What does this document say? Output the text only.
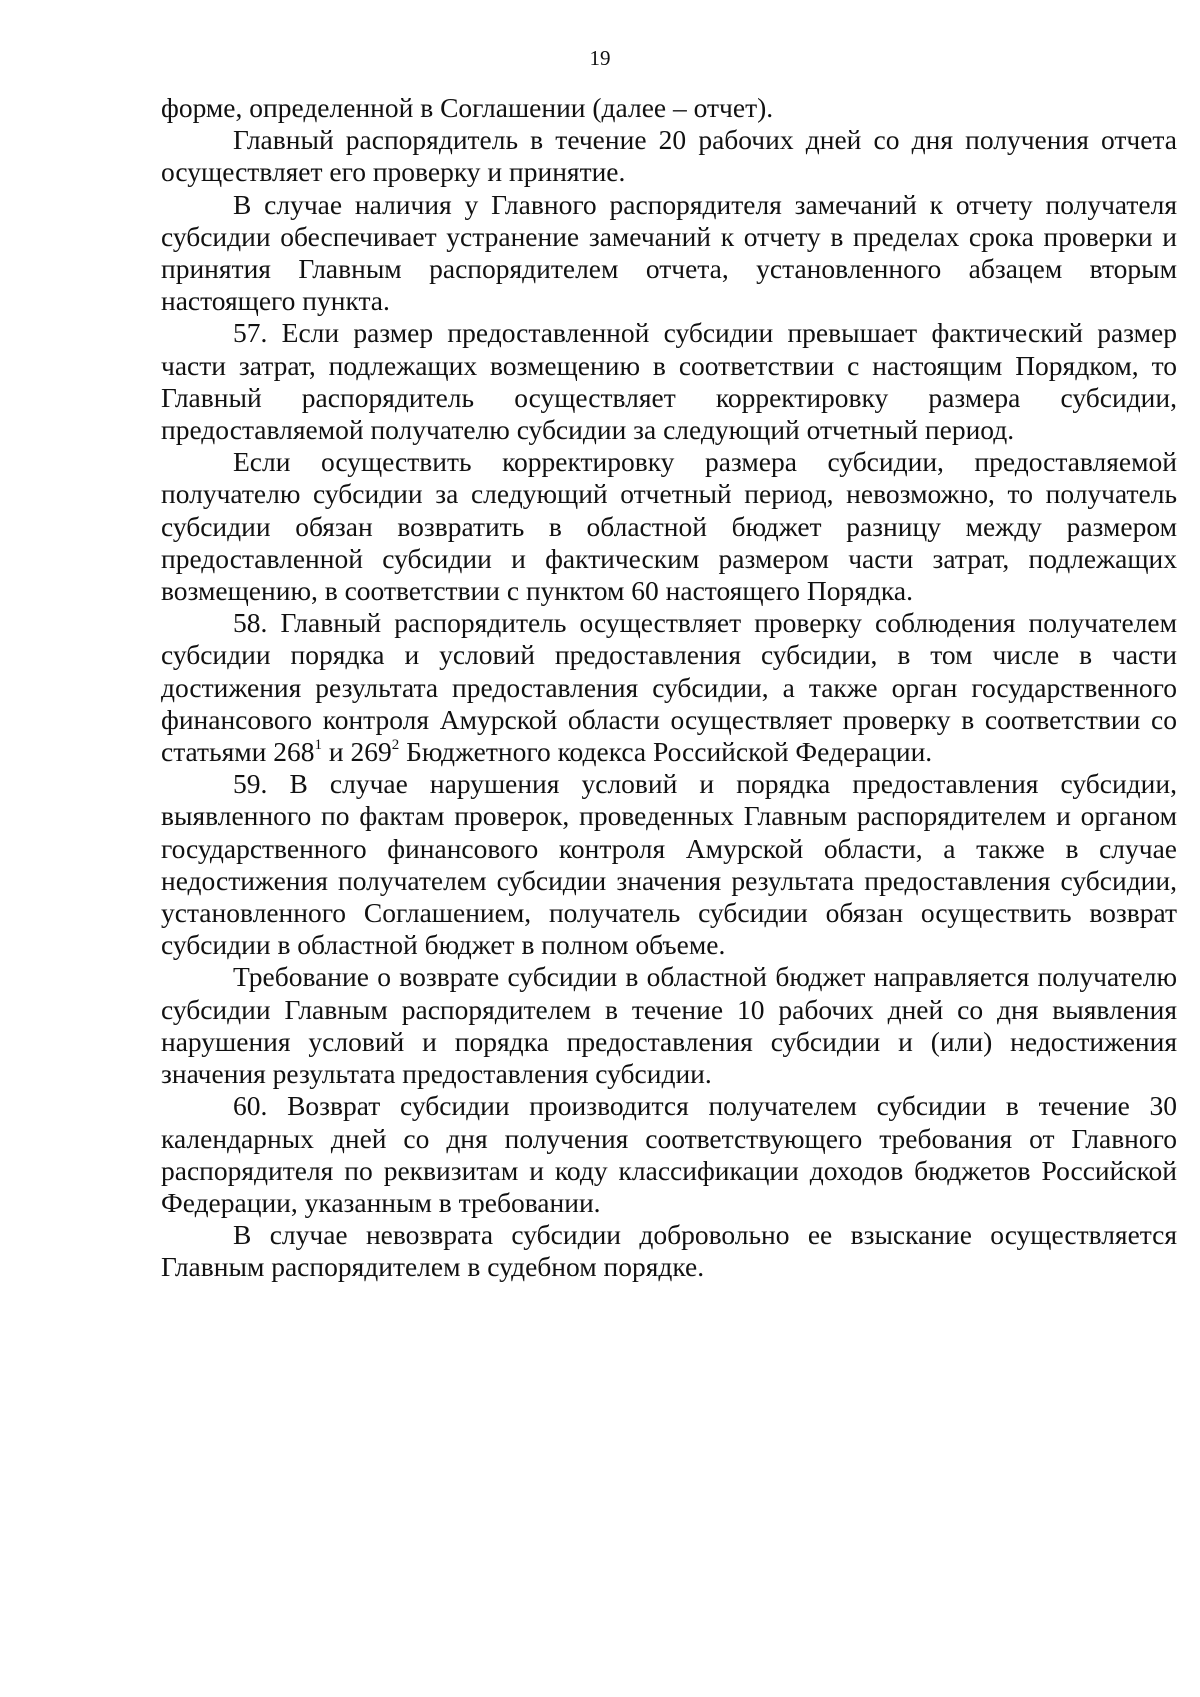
19

форме, определенной в Соглашении (далее – отчет).

Главный распорядитель в течение 20 рабочих дней со дня получения отчета осуществляет его проверку и принятие.

В случае наличия у Главного распорядителя замечаний к отчету получателя субсидии обеспечивает устранение замечаний к отчету в пределах срока проверки и принятия Главным распорядителем отчета, установленного абзацем вторым настоящего пункта.

57. Если размер предоставленной субсидии превышает фактический размер части затрат, подлежащих возмещению в соответствии с настоящим Порядком, то Главный распорядитель осуществляет корректировку размера субсидии, предоставляемой получателю субсидии за следующий отчетный период.

Если осуществить корректировку размера субсидии, предоставляемой получателю субсидии за следующий отчетный период, невозможно, то получатель субсидии обязан возвратить в областной бюджет разницу между размером предоставленной субсидии и фактическим размером части затрат, подлежащих возмещению, в соответствии с пунктом 60 настоящего Порядка.

58. Главный распорядитель осуществляет проверку соблюдения получателем субсидии порядка и условий предоставления субсидии, в том числе в части достижения результата предоставления субсидии, а также орган государственного финансового контроля Амурской области осуществляет проверку в соответствии со статьями $268^1$ и $269^2$ Бюджетного кодекса Российской Федерации.

59. В случае нарушения условий и порядка предоставления субсидии, выявленного по фактам проверок, проведенных Главным распорядителем и органом государственного финансового контроля Амурской области, а также в случае недостижения получателем субсидии значения результата предоставления субсидии, установленного Соглашением, получатель субсидии обязан осуществить возврат субсидии в областной бюджет в полном объеме.

Требование о возврате субсидии в областной бюджет направляется получателю субсидии Главным распорядителем в течение 10 рабочих дней со дня выявления нарушения условий и порядка предоставления субсидии и (или) недостижения значения результата предоставления субсидии.

60. Возврат субсидии производится получателем субсидии в течение 30 календарных дней со дня получения соответствующего требования от Главного распорядителя по реквизитам и коду классификации доходов бюджетов Российской Федерации, указанным в требовании.

В случае невозврата субсидии добровольно ее взыскание осуществляется Главным распорядителем в судебном порядке.
